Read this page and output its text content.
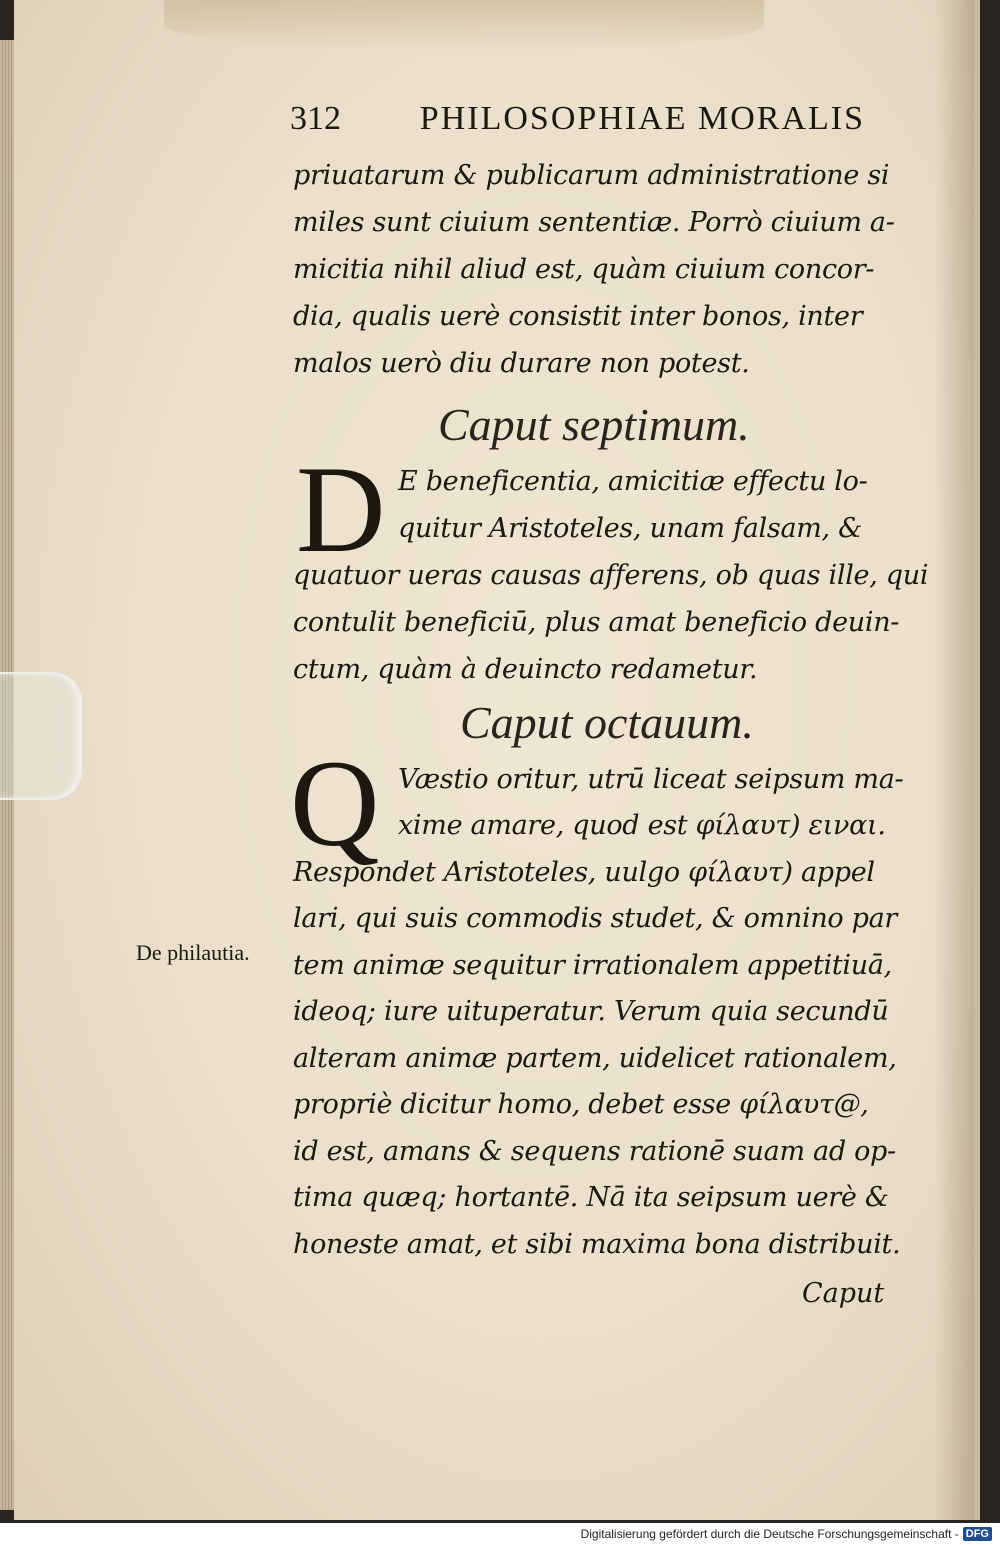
312 PHILOSOPHIAE MORALIS
priuatarum & publicarum administratione si
miles sunt ciuium sententiæ. Porrò ciuium a-
micitia nihil aliud est, quàm ciuium concor-
dia, qualis uerè consistit inter bonos, inter
malos uerò diu durare non potest.
Caput septimum.
D E beneficentia, amicitiæ effectu lo-
quitur Aristoteles, unam falsam, &
quatuor ueras causas afferens, ob quas ille, qui
contulit beneficiū, plus amat beneficio deuin-
ctum, quàm à deuincto redametur.
Caput octauum.
Q Væstio oritur, utrū liceat seipsum ma-
xime amare, quod est φίλαυτ) ειναι.
Respondet Aristoteles, uulgo φίλαυτ) appel
lari, qui suis commodis studet, & omnino par
De philautia. tem animæ sequitur irrationalem appetitiuā,
ideoq; iure uituperatur. Verum quia secundū
alteram animæ partem, uidelicet rationalem,
propriè dicitur homo, debet esse φίλαυτ@,
id est, amans & sequens rationē suam ad op-
tima quæq; hortantē. Nā ita seipsum uerè &
honeste amat, et sibi maxima bona distribuit.
Caput
Digitalisierung gefördert durch die Deutsche Forschungsgemeinschaft - DFG
